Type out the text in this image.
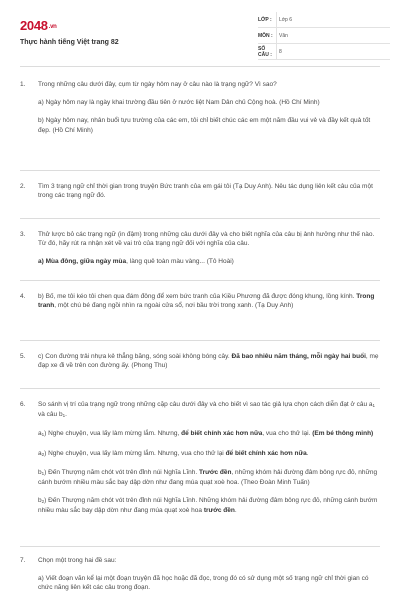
2048.vn
Thực hành tiếng Việt trang 82
LỚP :	Lớp 6
MÔN :	Văn
SỐ CÂU :	8
1.	Trong những câu dưới đây, cụm từ ngày hôm nay ở câu nào là trạng ngữ? Vì sao?

a) Ngày hôm nay là ngày khai trường đầu tiên ở nước liệt Nam Dân chủ Cộng hoà. (Hồ Chí Minh)

b) Ngày hôm nay, nhân buổi tựu trường của các em, tôi chỉ biết chúc các em một năm đầu vui vẻ và đầy kết quả tốt đẹp. (Hồ Chí Minh)

2.	Tìm 3 trạng ngữ chỉ thời gian trong truyện Bức tranh của em gái tôi (Tạ Duy Anh). Nêu tác dụng liên kết câu của một trong các trạng ngữ đó.

3.	Thử lược bỏ các trạng ngữ (in đậm) trong những câu dưới đây và cho biết nghĩa của câu bị ảnh hưởng như thế nào. Từ đó, hãy rút ra nhận xét về vai trò của trạng ngữ đối với nghĩa của câu.

a) Mùa đông, giữa ngày mùa, làng quê toàn màu vàng... (Tô Hoài)

4.	b) Bố, me tôi kéo tôi chen qua đám đông để xem bức tranh của Kiều Phương đã được đóng khung, lồng kính. Trong tranh, một chú bé đang ngồi nhìn ra ngoài cửa sổ, nơi bầu trời trong xanh. (Tạ Duy Anh)

5.	c) Con đường trải nhựa kẻ thẳng băng, sóng soài không bóng cây. Đã bao nhiêu năm tháng, mỗi ngày hai buổi, mẹ đạp xe đi về trên con đường ấy. (Phong Thu)

6.	So sánh vị trí của trạng ngữ trong những cặp câu dưới đây và cho biết vì sao tác giả lựa chọn cách diễn đạt ở câu $a_1$ và câu $b_1$.

$a_1$) Nghe chuyện, vua lấy làm mừng lắm. Nhưng, để biết chính xác hơn nữa, vua cho thử lại. (Em bé thông minh)

$a_2$) Nghe chuyện, vua lấy làm mừng lắm. Nhưng, vua cho thử lại để biết chính xác hơn nữa.

$b_1$) Đến Thượng năm chót vót trên đỉnh núi Nghĩa Lĩnh. Trước đền, những khóm hải đường đâm bông rực đỏ, những cánh bướm nhiều màu sắc bay dập dờn như đang múa quạt xoè hoa. (Theo Đoàn Minh Tuấn)

$b_2$) Đến Thượng năm chót vót trên đỉnh núi Nghĩa Lĩnh. Những khóm hải đường đâm bông rực đỏ, những cánh bướm nhiều màu sắc bay dập dờn như đang múa quạt xoè hoa trước đền.

7.	Chọn một trong hai đề sau:

a) Viết đoạn văn kể lại một đoạn truyện đã học hoặc đã đọc, trong đó có sử dụng một số trạng ngữ chỉ thời gian có chức năng liên kết các câu trong đoạn.
